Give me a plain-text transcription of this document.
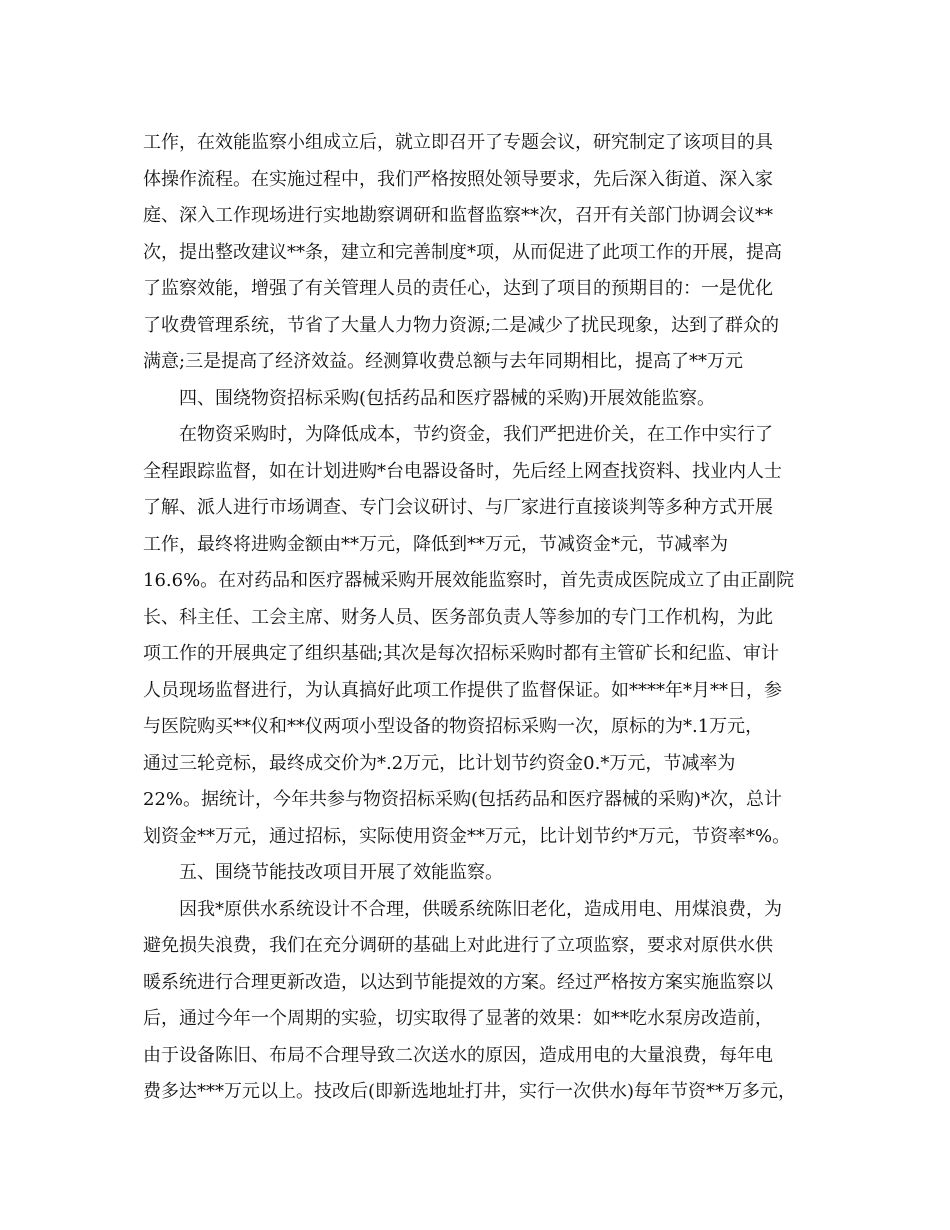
工作，在效能监察小组成立后，就立即召开了专题会议，研究制定了该项目的具
体操作流程。在实施过程中，我们严格按照处领导要求，先后深入街道、深入家
庭、深入工作现场进行实地勘察调研和监督监察**次，召开有关部门协调会议**
次，提出整改建议**条，建立和完善制度*项，从而促进了此项工作的开展，提高
了监察效能，增强了有关管理人员的责任心，达到了项目的预期目的：一是优化
了收费管理系统，节省了大量人力物力资源;二是减少了扰民现象，达到了群众的
满意;三是提高了经济效益。经测算收费总额与去年同期相比，提高了**万元
四、围绕物资招标采购(包括药品和医疗器械的采购)开展效能监察。
在物资采购时，为降低成本，节约资金，我们严把进价关，在工作中实行了
全程跟踪监督，如在计划进购*台电器设备时，先后经上网查找资料、找业内人士
了解、派人进行市场调查、专门会议研讨、与厂家进行直接谈判等多种方式开展
工作，最终将进购金额由**万元，降低到**万元，节减资金*元，节减率为
16.6%。在对药品和医疗器械采购开展效能监察时，首先责成医院成立了由正副院
长、科主任、工会主席、财务人员、医务部负责人等参加的专门工作机构，为此
项工作的开展典定了组织基础;其次是每次招标采购时都有主管矿长和纪监、审计
人员现场监督进行，为认真搞好此项工作提供了监督保证。如****年*月**日，参
与医院购买**仪和**仪两项小型设备的物资招标采购一次，原标的为*.1万元，
通过三轮竞标，最终成交价为*.2万元，比计划节约资金0.*万元，节减率为
22%。据统计，今年共参与物资招标采购(包括药品和医疗器械的采购)*次，总计
划资金**万元，通过招标，实际使用资金**万元，比计划节约*万元，节资率*%。
五、围绕节能技改项目开展了效能监察。
因我*原供水系统设计不合理，供暖系统陈旧老化，造成用电、用煤浪费，为
避免损失浪费，我们在充分调研的基础上对此进行了立项监察，要求对原供水供
暖系统进行合理更新改造，以达到节能提效的方案。经过严格按方案实施监察以
后，通过今年一个周期的实验，切实取得了显著的效果：如**吃水泵房改造前，
由于设备陈旧、布局不合理导致二次送水的原因，造成用电的大量浪费，每年电
费多达***万元以上。技改后(即新选地址打井，实行一次供水)每年节资**万多元，
